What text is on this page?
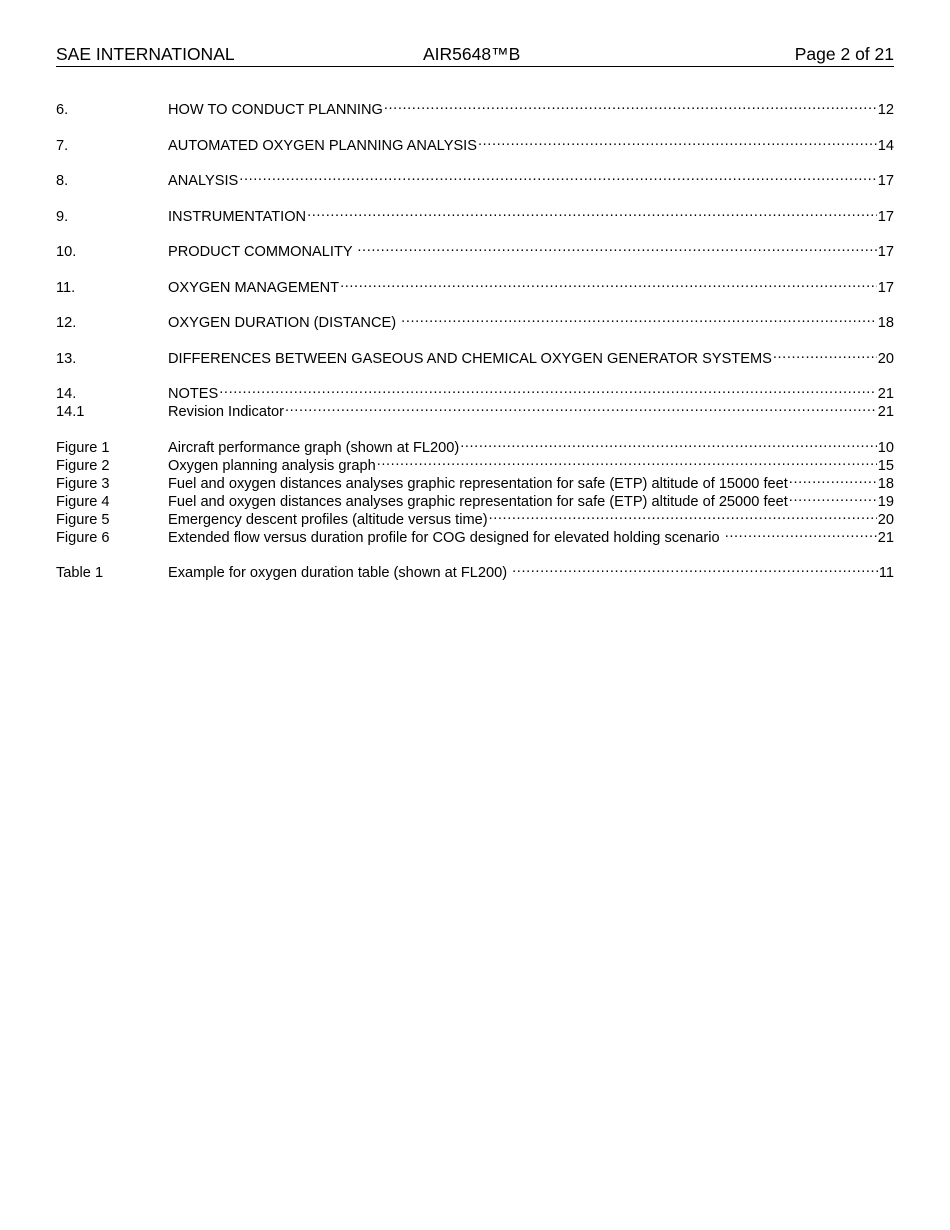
SAE INTERNATIONAL	AIR5648™B	Page 2 of 21
6.	HOW TO CONDUCT PLANNING .....	12
7.	AUTOMATED OXYGEN PLANNING ANALYSIS .....	14
8.	ANALYSIS .....	17
9.	INSTRUMENTATION .....	17
10.	PRODUCT COMMONALITY .....	17
11.	OXYGEN MANAGEMENT .....	17
12.	OXYGEN DURATION (DISTANCE) .....	18
13.	DIFFERENCES BETWEEN GASEOUS AND CHEMICAL OXYGEN GENERATOR SYSTEMS .....	20
14.	NOTES .....	21
14.1	Revision Indicator .....	21
Figure 1	Aircraft performance graph (shown at FL200) .....	10
Figure 2	Oxygen planning analysis graph .....	15
Figure 3	Fuel and oxygen distances analyses graphic representation for safe (ETP) altitude of 15000 feet .....	18
Figure 4	Fuel and oxygen distances analyses graphic representation for safe (ETP) altitude of 25000 feet .....	19
Figure 5	Emergency descent profiles (altitude versus time) .....	20
Figure 6	Extended flow versus duration profile for COG designed for elevated holding scenario .....	21
Table 1	Example for oxygen duration table (shown at FL200) .....	11
